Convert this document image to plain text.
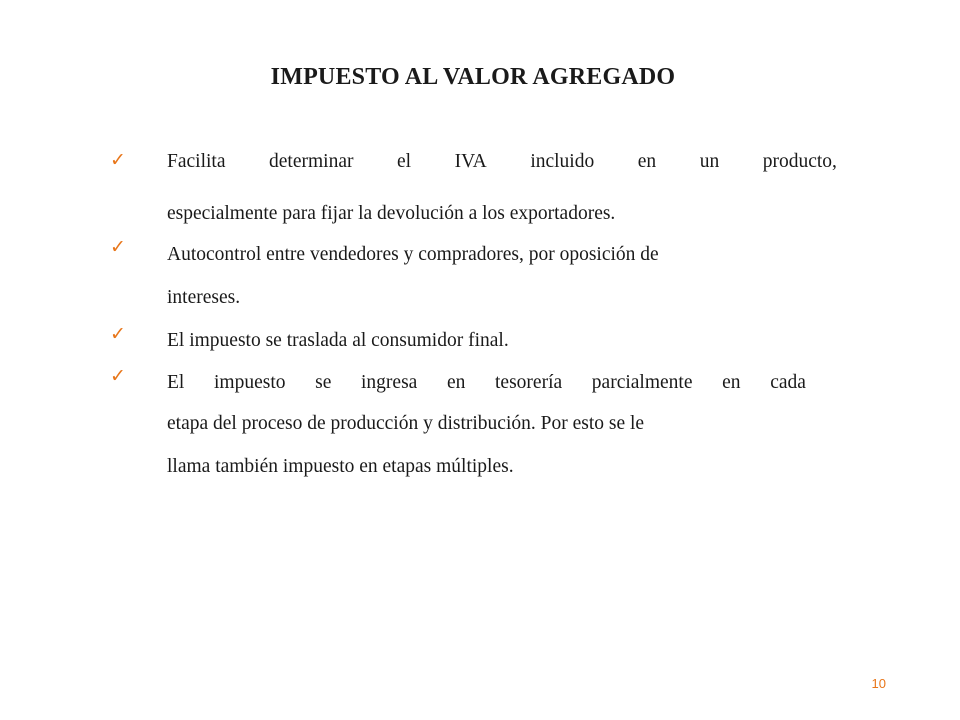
IMPUESTO AL VALOR AGREGADO
✓ Facilita determinar el IVA incluido en un producto,
especialmente para fijar la devolución a los exportadores.
✓ Autocontrol entre vendedores y compradores, por oposición de
intereses.
✓ El impuesto se traslada al consumidor final.
✓ El impuesto se ingresa en tesorería parcialmente en cada
etapa del proceso de producción y distribución. Por esto se le
llama también impuesto en etapas múltiples.
10
